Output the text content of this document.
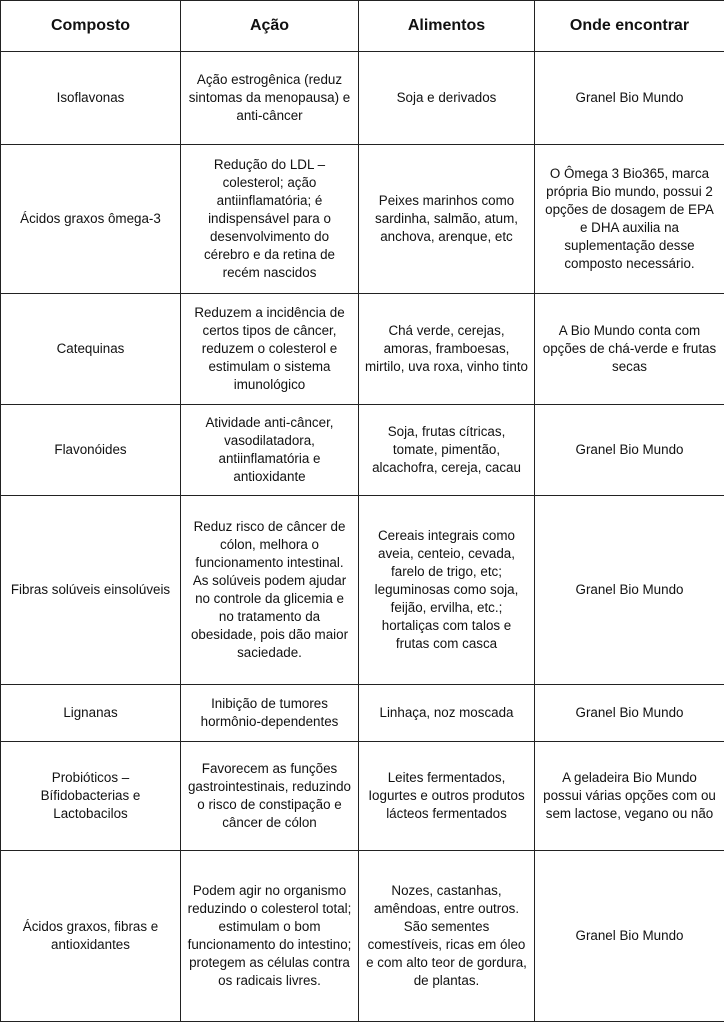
Composto	Ação	Alimentos	Onde encontrar
Isoflavonas	Ação estrogênica (reduz sintomas da menopausa) e anti-câncer	Soja e derivados	Granel Bio Mundo
Ácidos graxos ômega-3	Redução do LDL – colesterol; ação antiinflamatória; é indispensável para o desenvolvimento do cérebro e da retina de recém nascidos	Peixes marinhos como sardinha, salmão, atum, anchova, arenque, etc	O Ômega 3 Bio365, marca própria Bio mundo, possui 2 opções de dosagem de EPA e DHA auxilia na suplementação desse composto necessário.
Catequinas	Reduzem a incidência de certos tipos de câncer, reduzem o colesterol e estimulam o sistema imunológico	Chá verde, cerejas, amoras, framboesas, mirtilo, uva roxa, vinho tinto	A Bio Mundo conta com opções de chá-verde e frutas secas
Flavonóides	Atividade anti-câncer, vasodilatadora, antiinflamatória e antioxidante	Soja, frutas cítricas, tomate, pimentão, alcachofra, cereja, cacau	Granel Bio Mundo
Fibras solúveis einsolúveis	Reduz risco de câncer de cólon, melhora o funcionamento intestinal. As solúveis podem ajudar no controle da glicemia e no tratamento da obesidade, pois dão maior saciedade.	Cereais integrais como aveia, centeio, cevada, farelo de trigo, etc; leguminosas como soja, feijão, ervilha, etc.; hortaliças com talos e frutas com casca	Granel Bio Mundo
Lignanas	Inibição de tumores hormônio-dependentes	Linhaça, noz moscada	Granel Bio Mundo
Probióticos – Bífidobacterias e Lactobacilos	Favorecem as funções gastrointestinais, reduzindo o risco de constipação e câncer de cólon	Leites fermentados, Iogurtes e outros produtos lácteos fermentados	A geladeira Bio Mundo possui várias opções com ou sem lactose, vegano ou não
Ácidos graxos, fibras e antioxidantes	Podem agir no organismo reduzindo o colesterol total; estimulam o bom funcionamento do intestino; protegem as células contra os radicais livres.	Nozes, castanhas, amêndoas, entre outros. São sementes comestíveis, ricas em óleo e com alto teor de gordura, de plantas.	Granel Bio Mundo
